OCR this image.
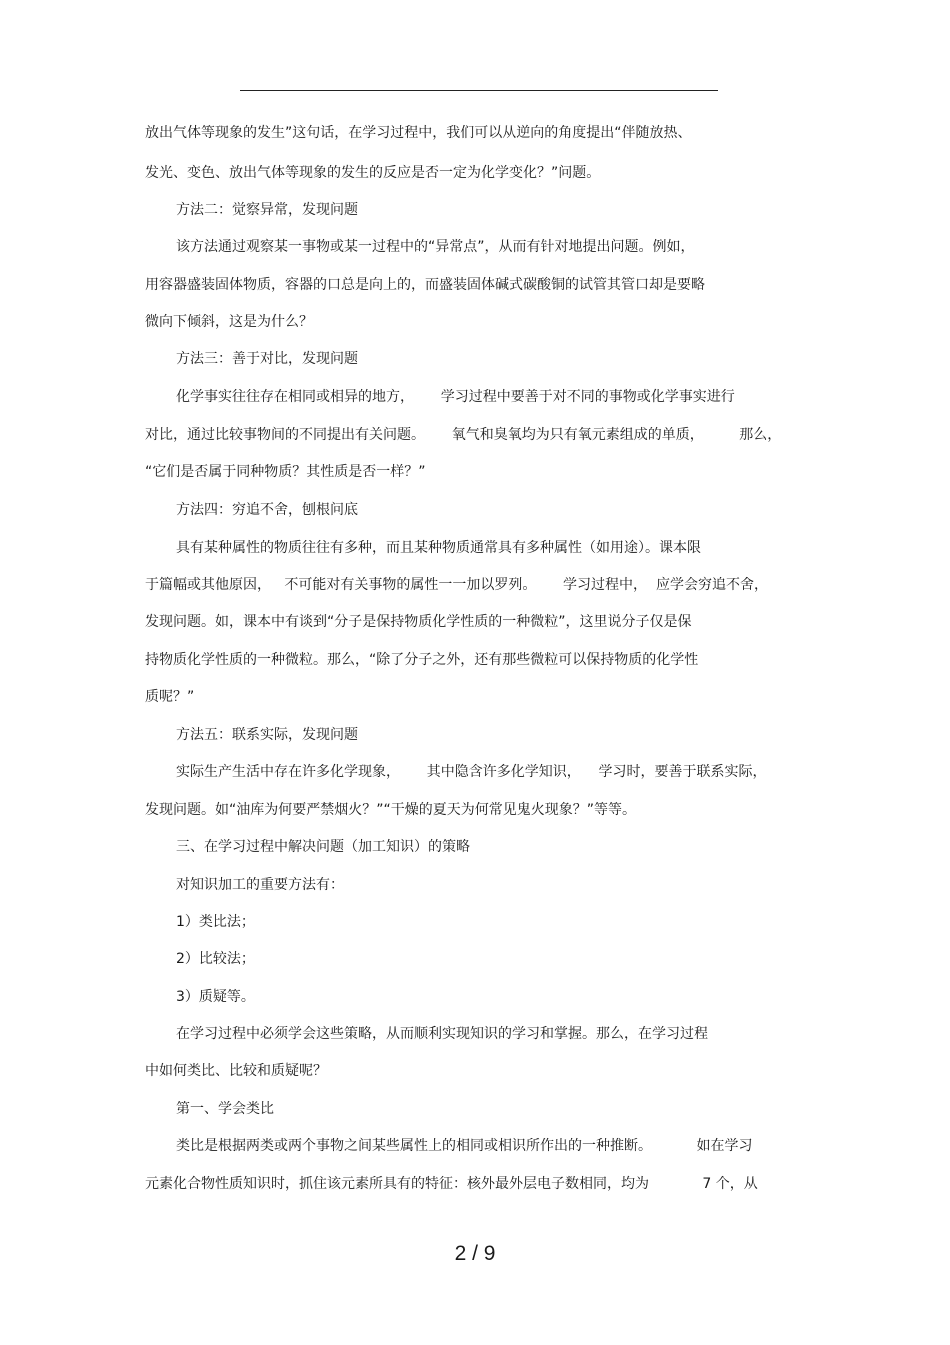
放出气体等现象的发生”这句话，在学习过程中，我们可以从逆向的角度提出“伴随放热、
发光、变色、放出气体等现象的发生的反应是否一定为化学变化？”问题。
方法二：觉察异常，发现问题
该方法通过观察某一事物或某一过程中的“异常点”，从而有针对地提出问题。例如，
用容器盛装固体物质，容器的口总是向上的，而盛装固体碱式碳酸铜的试管其管口却是要略
微向下倾斜，这是为什么？
方法三：善于对比，发现问题
化学事实往往存在相同或相异的地方，      学习过程中要善于对不同的事物或化学事实进行
对比，通过比较事物间的不同提出有关问题。      氧气和臭氧均为只有氧元素组成的单质，        那么，
“它们是否属于同种物质？其性质是否一样？”
方法四：穷追不舍，刨根问底
具有某种属性的物质往往有多种，而且某种物质通常具有多种属性（如用途）。课本限
于篇幅或其他原因，   不可能对有关事物的属性一一加以罗列。      学习过程中，  应学会穷追不舍，
发现问题。如，课本中有谈到“分子是保持物质化学性质的一种微粒”，这里说分子仅是保
持物质化学性质的一种微粒。那么，“除了分子之外，还有那些微粒可以保持物质的化学性
质呢？”
方法五：联系实际，发现问题
实际生产生活中存在许多化学现象，      其中隐含许多化学知识，    学习时，要善于联系实际，
发现问题。如“油库为何要严禁烟火？”“干燥的夏天为何常见鬼火现象？”等等。
三、在学习过程中解决问题（加工知识）的策略
对知识加工的重要方法有：
1）类比法；
2）比较法；
3）质疑等。
在学习过程中必须学会这些策略，从而顺利实现知识的学习和掌握。那么，在学习过程
中如何类比、比较和质疑呢？
第一、学会类比
类比是根据两类或两个事物之间某些属性上的相同或相识所作出的一种推断。          如在学习
元素化合物性质知识时，抓住该元素所具有的特征：核外最外层电子数相同，均为            7 个，从
2 / 9
